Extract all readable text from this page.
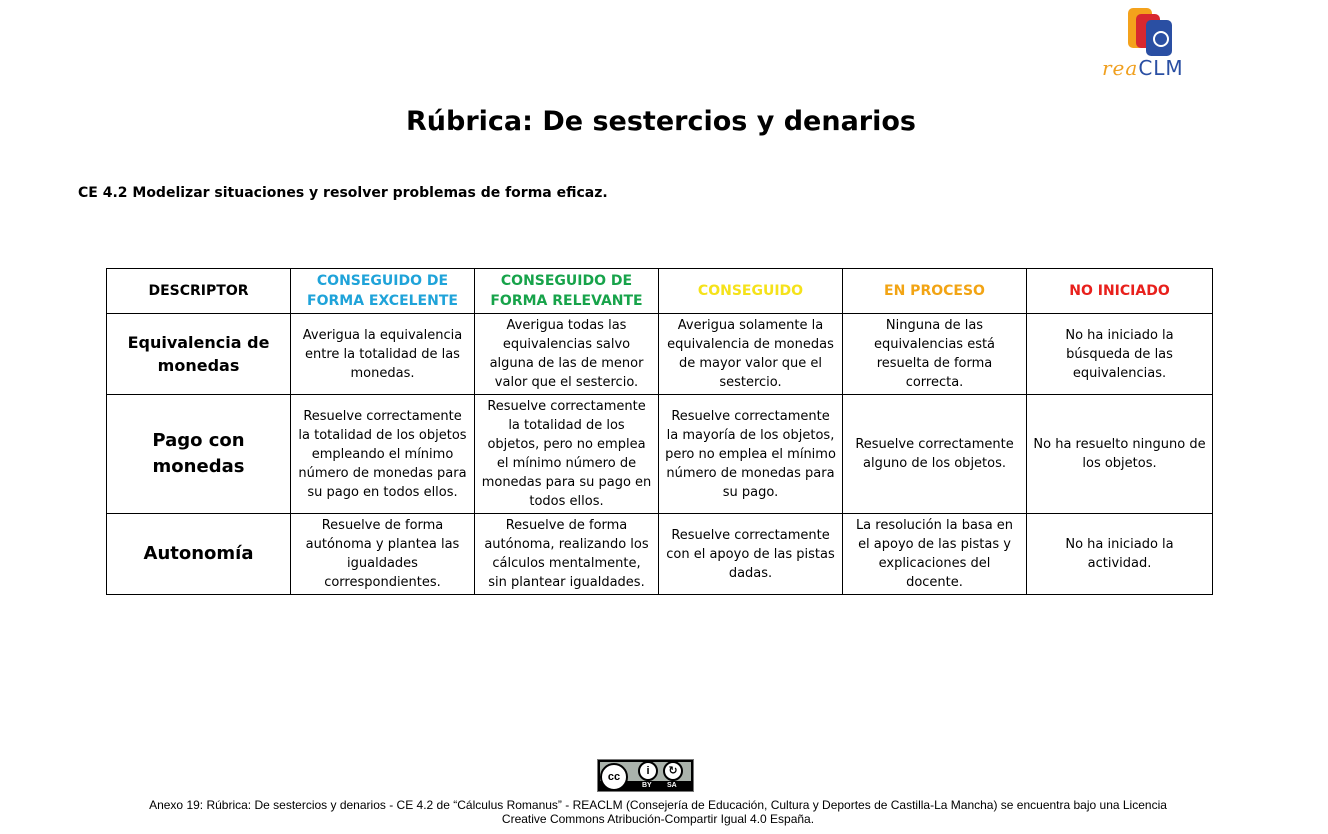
reaCLM
Rúbrica: De sestercios y denarios
CE 4.2 Modelizar situaciones y resolver problemas de forma eficaz.
DESCRIPTOR	CONSEGUIDO DE FORMA EXCELENTE	CONSEGUIDO DE FORMA RELEVANTE	CONSEGUIDO	EN PROCESO	NO INICIADO
Equivalencia de monedas	Averigua la equivalencia entre la totalidad de las monedas.	Averigua todas las equivalencias salvo alguna de las de menor valor que el sestercio.	Averigua solamente la equivalencia de monedas de mayor valor que el sestercio.	Ninguna de las equivalencias está resuelta de forma correcta.	No ha iniciado la búsqueda de las equivalencias.
Pago con monedas	Resuelve correctamente la totalidad de los objetos empleando el mínimo número de monedas para su pago en todos ellos.	Resuelve correctamente la totalidad de los objetos, pero no emplea el mínimo número de monedas para su pago en todos ellos.	Resuelve correctamente la mayoría de los objetos, pero no emplea el mínimo número de monedas para su pago.	Resuelve correctamente alguno de los objetos.	No ha resuelto ninguno de los objetos.
Autonomía	Resuelve de forma autónoma y plantea las igualdades correspondientes.	Resuelve de forma autónoma, realizando los cálculos mentalmente, sin plantear igualdades.	Resuelve correctamente con el apoyo de las pistas dadas.	La resolución la basa en el apoyo de las pistas y explicaciones del docente.	No ha iniciado la actividad.
cc	i	↻
BY SA
Anexo 19: Rúbrica: De sestercios y denarios - CE 4.2 de “Cálculus Romanus” - REACLM (Consejería de Educación, Cultura y Deportes de Castilla-La Mancha) se encuentra bajo una Licencia
Creative Commons Atribución-Compartir Igual 4.0 España.
